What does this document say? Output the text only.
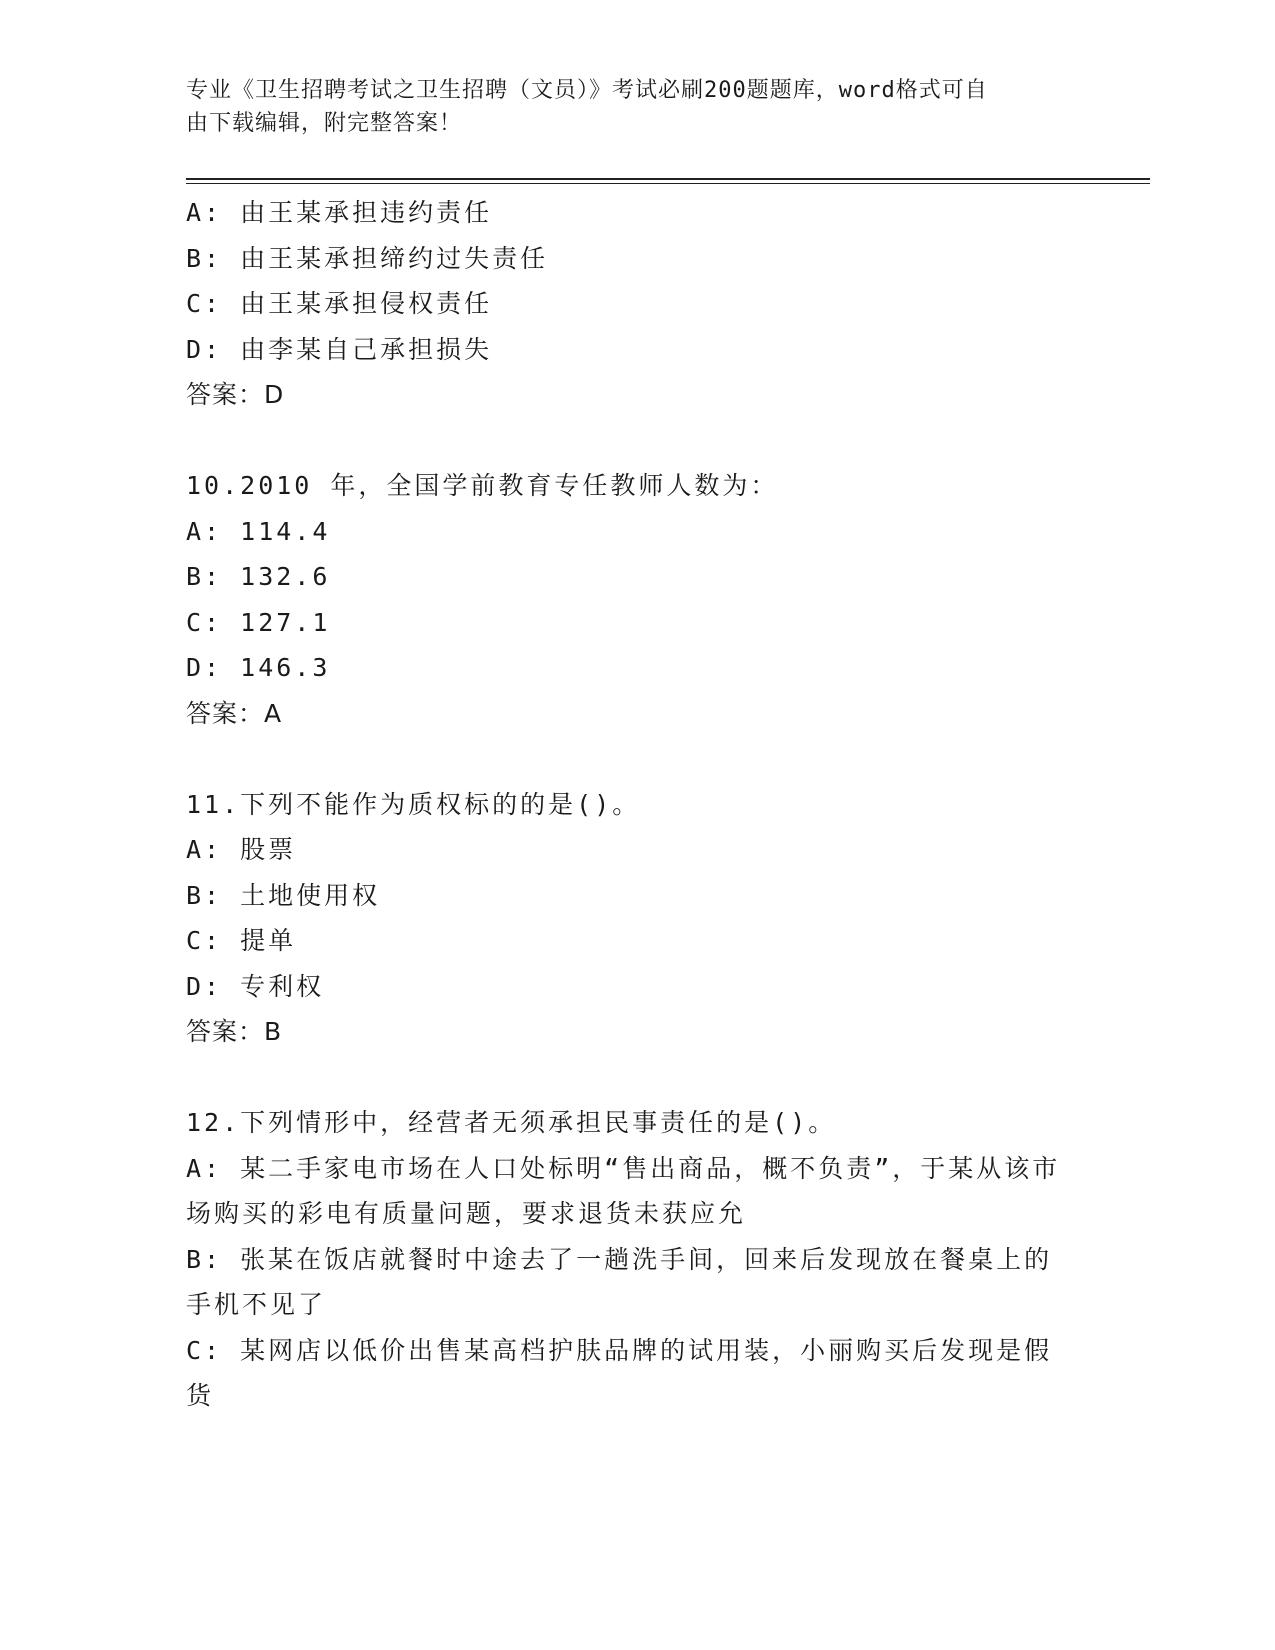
专业《卫生招聘考试之卫生招聘（文员）》考试必刷200题题库，word格式可自
由下载编辑，附完整答案！
A: 由王某承担违约责任
B: 由王某承担缔约过失责任
C: 由王某承担侵权责任
D: 由李某自己承担损失
答案：D
10.2010 年，全国学前教育专任教师人数为：
A: 114.4
B: 132.6
C: 127.1
D: 146.3
答案：A
11.下列不能作为质权标的的是()。
A: 股票
B: 土地使用权
C: 提单
D: 专利权
答案：B
12.下列情形中，经营者无须承担民事责任的是()。
A: 某二手家电市场在人口处标明“售出商品，概不负责”，于某从该市场购买的彩电有质量问题，要求退货未获应允
B: 张某在饭店就餐时中途去了一趟洗手间，回来后发现放在餐桌上的手机不见了
C: 某网店以低价出售某高档护肤品牌的试用装，小丽购买后发现是假货
